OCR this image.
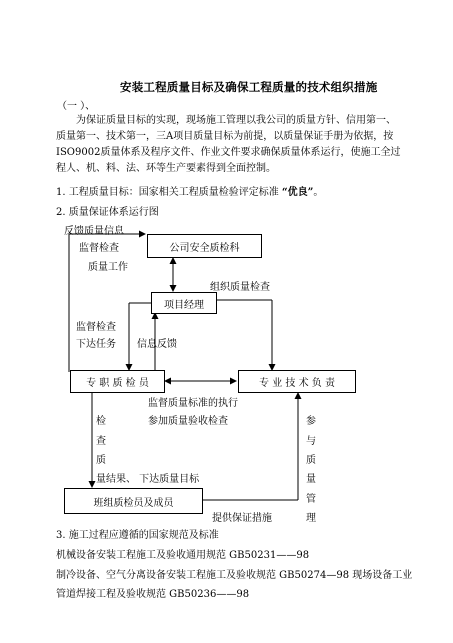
安装工程质量目标及确保工程质量的技术组织措施
（一 ）、
为保证质量目标的实现，现场施工管理以我公司的质量方针、信用第一、
质量第一、技术第一，三A项目质量目标为前提，以质量保证手册为依据，按
ISO9002质量体系及程序文件、作业文件要求确保质量体系运行，使施工全过
程人、机、料、法、环等生产要素得到全面控制。
1. 工程质量目标：国家相关工程质量检验评定标准 “优良”。
2. 质量保证体系运行图
公司安全质检科
项目经理
专 职 质 检 员	专 业 技 术 负 责
班组质检员及成员
反馈质量信息
监督检查
质量工作
组织质量检查
监督检查
下达任务 信息反馈
监督质量标准的执行
参加质量验收检查
检
查
质
量结果、 下达质量目标
参
与
质
量
管
理
提供保证措施
3. 施工过程应遵循的国家规范及标准
机械设备安装工程施工及验收通用规范 GB50231——98
制冷设备、空气分离设备安装工程施工及验收规范 GB50274—98 现场设备工业
管道焊接工程及验收规范 GB50236——98
